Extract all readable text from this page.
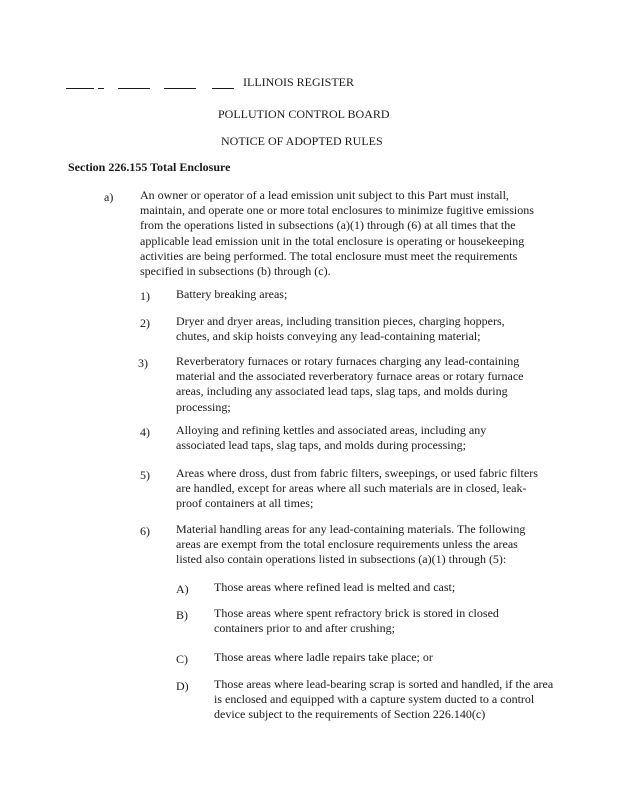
ILLINOIS REGISTER
POLLUTION CONTROL BOARD
NOTICE OF ADOPTED RULES
Section 226.155 Total Enclosure
a) An owner or operator of a lead emission unit subject to this Part must install, maintain, and operate one or more total enclosures to minimize fugitive emissions from the operations listed in subsections (a)(1) through (6) at all times that the applicable lead emission unit in the total enclosure is operating or housekeeping activities are being performed. The total enclosure must meet the requirements specified in subsections (b) through (c).

1) Battery breaking areas;

2) Dryer and dryer areas, including transition pieces, charging hoppers, chutes, and skip hoists conveying any lead-containing material;

3) Reverberatory furnaces or rotary furnaces charging any lead-containing material and the associated reverberatory furnace areas or rotary furnace areas, including any associated lead taps, slag taps, and molds during processing;

4) Alloying and refining kettles and associated areas, including any associated lead taps, slag taps, and molds during processing;

5) Areas where dross, dust from fabric filters, sweepings, or used fabric filters are handled, except for areas where all such materials are in closed, leak-proof containers at all times;

6) Material handling areas for any lead-containing materials. The following areas are exempt from the total enclosure requirements unless the areas listed also contain operations listed in subsections (a)(1) through (5):

A) Those areas where refined lead is melted and cast;

B) Those areas where spent refractory brick is stored in closed containers prior to and after crushing;

C) Those areas where ladle repairs take place; or

D) Those areas where lead-bearing scrap is sorted and handled, if the area is enclosed and equipped with a capture system ducted to a control device subject to the requirements of Section 226.140(c)
